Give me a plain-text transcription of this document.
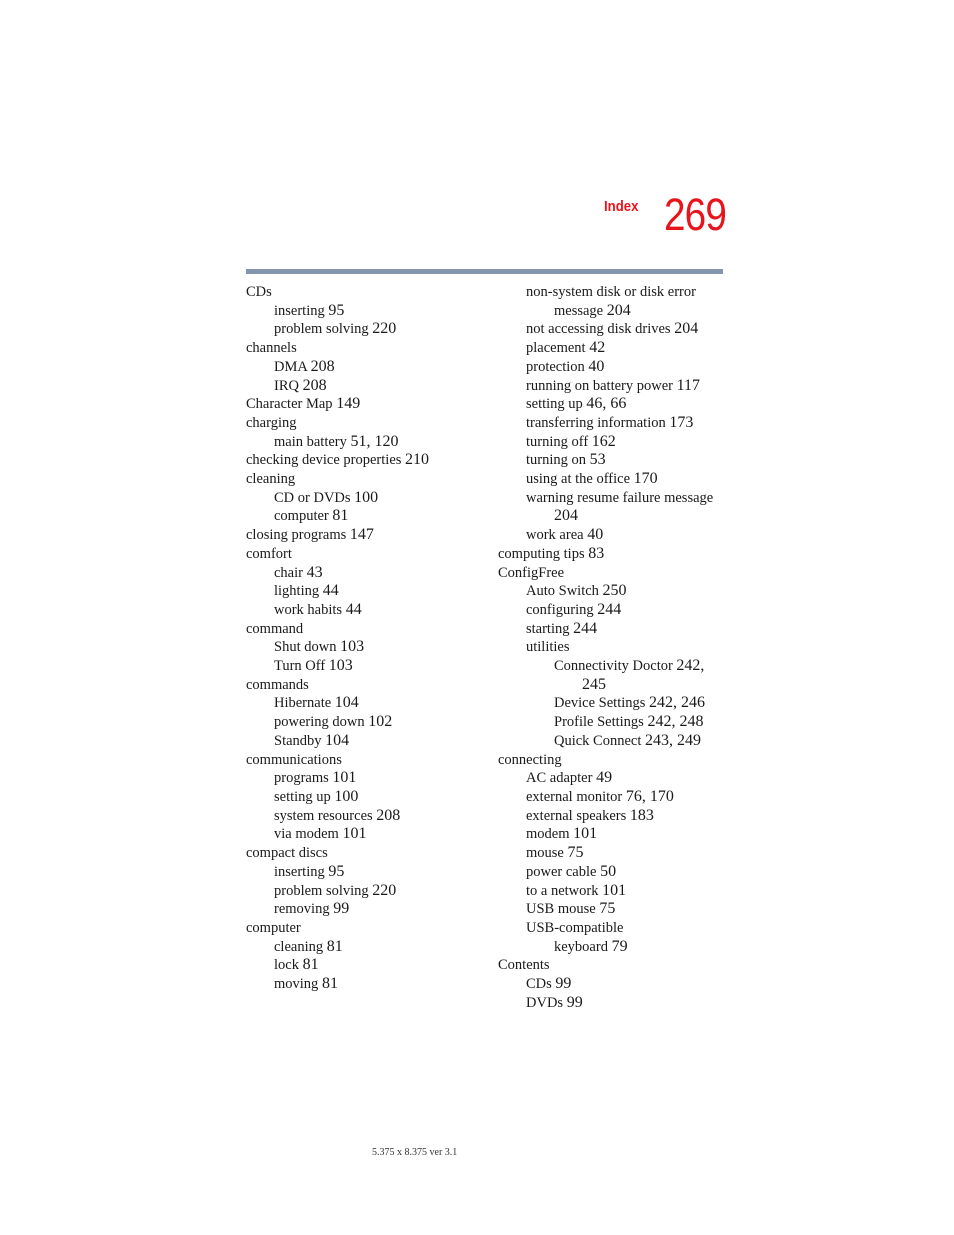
Index 269
CDs
inserting 95
problem solving 220
channels
DMA 208
IRQ 208
Character Map 149
charging
main battery 51, 120
checking device properties 210
cleaning
CD or DVDs 100
computer 81
closing programs 147
comfort
chair 43
lighting 44
work habits 44
command
Shut down 103
Turn Off 103
commands
Hibernate 104
powering down 102
Standby 104
communications
programs 101
setting up 100
system resources 208
via modem 101
compact discs
inserting 95
problem solving 220
removing 99
computer
cleaning 81
lock 81
moving 81
non-system disk or disk error
message 204
not accessing disk drives 204
placement 42
protection 40
running on battery power 117
setting up 46, 66
transferring information 173
turning off 162
turning on 53
using at the office 170
warning resume failure message
204
work area 40
computing tips 83
ConfigFree
Auto Switch 250
configuring 244
starting 244
utilities
Connectivity Doctor 242,
245
Device Settings 242, 246
Profile Settings 242, 248
Quick Connect 243, 249
connecting
AC adapter 49
external monitor 76, 170
external speakers 183
modem 101
mouse 75
power cable 50
to a network 101
USB mouse 75
USB-compatible
keyboard 79
Contents
CDs 99
DVDs 99
5.375 x 8.375 ver 3.1
